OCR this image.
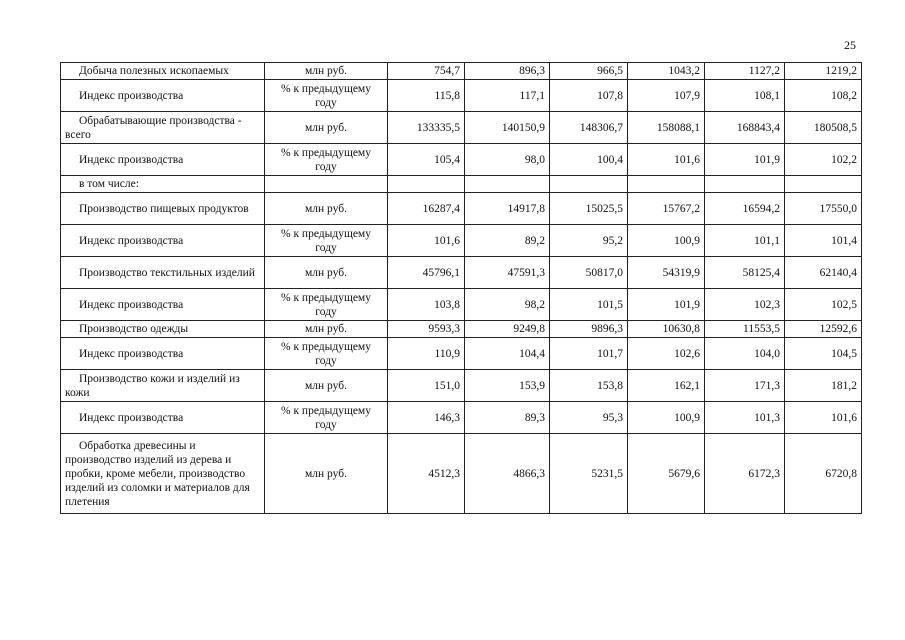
25
Добыча полезных ископаемых	млн руб.	754,7	896,3	966,5	1043,2	1127,2	1219,2
Индекс производства	% к предыдущему году	115,8	117,1	107,8	107,9	108,1	108,2
Обрабатывающие производства - всего	млн руб.	133335,5	140150,9	148306,7	158088,1	168843,4	180508,5
Индекс производства	% к предыдущему году	105,4	98,0	100,4	101,6	101,9	102,2
в том числе:							
Производство пищевых продуктов	млн руб.	16287,4	14917,8	15025,5	15767,2	16594,2	17550,0
Индекс производства	% к предыдущему году	101,6	89,2	95,2	100,9	101,1	101,4
Производство текстильных изделий	млн руб.	45796,1	47591,3	50817,0	54319,9	58125,4	62140,4
Индекс производства	% к предыдущему году	103,8	98,2	101,5	101,9	102,3	102,5
Производство одежды	млн руб.	9593,3	9249,8	9896,3	10630,8	11553,5	12592,6
Индекс производства	% к предыдущему году	110,9	104,4	101,7	102,6	104,0	104,5
Производство кожи и изделий из кожи	млн руб.	151,0	153,9	153,8	162,1	171,3	181,2
Индекс производства	% к предыдущему году	146,3	89,3	95,3	100,9	101,3	101,6
Обработка древесины и производство изделий из дерева и пробки, кроме мебели, производство изделий из соломки и материалов для плетения	млн руб.	4512,3	4866,3	5231,5	5679,6	6172,3	6720,8
